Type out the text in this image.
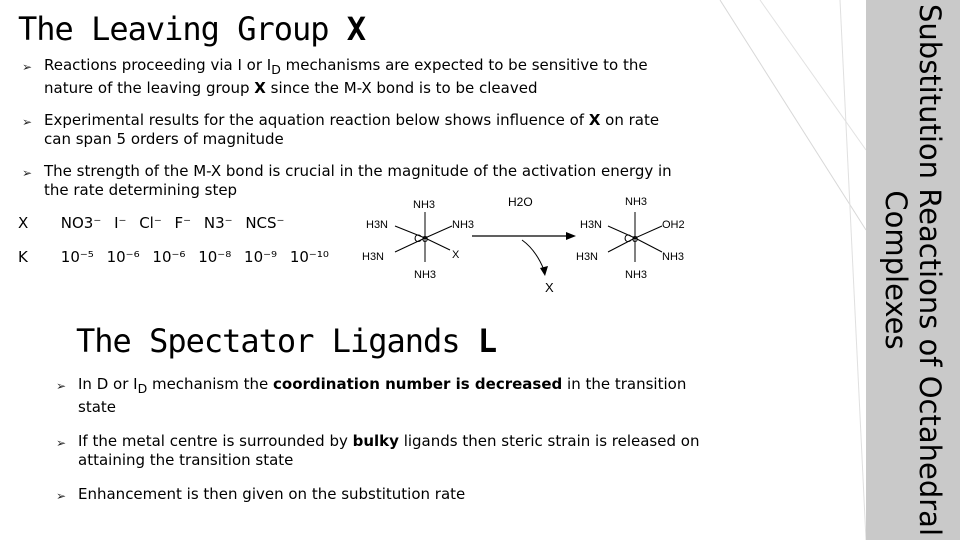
The Leaving Group X
➢ Reactions proceeding via I or $I_D$ mechanisms are expected to be sensitive to the nature of the leaving group X since the M-X bond is to be cleaved
➢ Experimental results for the aquation reaction below shows influence of X on rate can span 5 orders of magnitude
➢ The strength of the M-X bond is crucial in the magnitude of the activation energy in the rate determining step
X NO3⁻ I⁻ Cl⁻ F⁻ N3⁻ NCS⁻
K 10⁻⁵ 10⁻⁶ 10⁻⁶ 10⁻⁸ 10⁻⁹ 10⁻¹⁰
NH3
H3N	NH3
Co
H3N	X
NH3
H2O
X
NH3
H3N	OH2
Co
H3N	NH3
NH3
The Spectator Ligands L
➢ In D or $I_D$ mechanism the coordination number is decreased in the transition state
➢ If the metal centre is surrounded by bulky ligands then steric strain is released on attaining the transition state
➢ Enhancement is then given on the substitution rate	Substitution Reactions of Octahedral Complexes
